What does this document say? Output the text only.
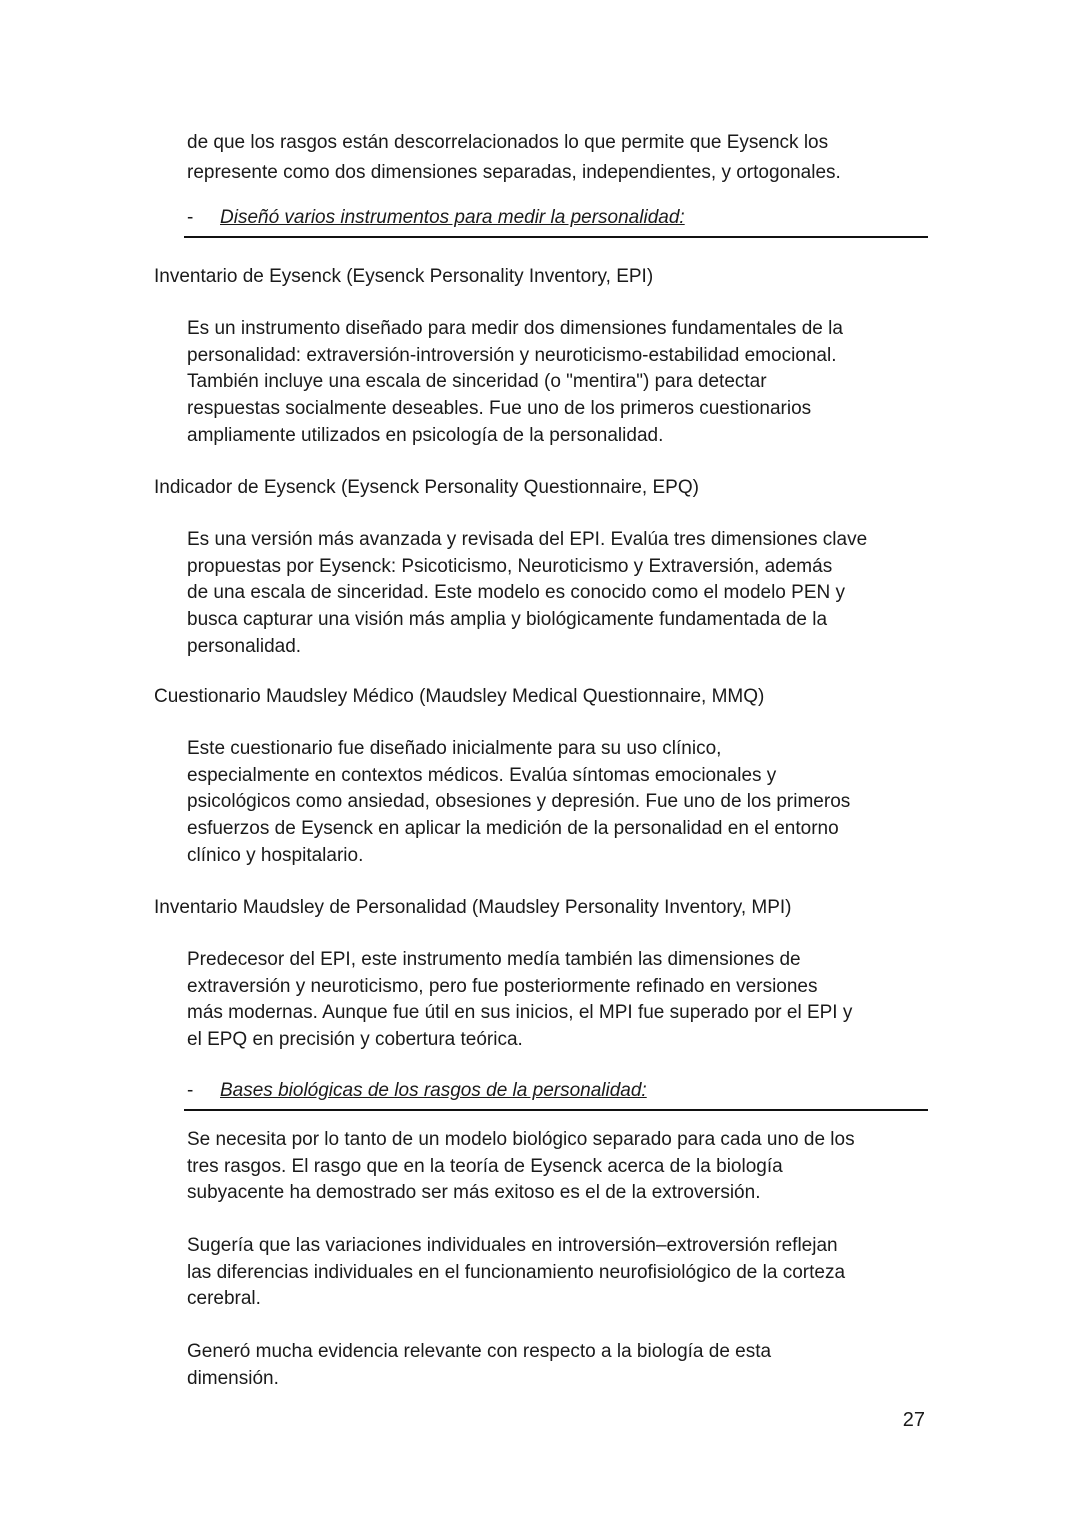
de que los rasgos están descorrelacionados lo que permite que Eysenck los
represente como dos dimensiones separadas, independientes, y ortogonales.
- Diseñó varios instrumentos para medir la personalidad:
Inventario de Eysenck (Eysenck Personality Inventory, EPI)
Es un instrumento diseñado para medir dos dimensiones fundamentales de la
personalidad: extraversión-introversión y neuroticismo-estabilidad emocional.
También incluye una escala de sinceridad (o "mentira") para detectar
respuestas socialmente deseables. Fue uno de los primeros cuestionarios
ampliamente utilizados en psicología de la personalidad.
Indicador de Eysenck (Eysenck Personality Questionnaire, EPQ)
Es una versión más avanzada y revisada del EPI. Evalúa tres dimensiones clave
propuestas por Eysenck: Psicoticismo, Neuroticismo y Extraversión, además
de una escala de sinceridad. Este modelo es conocido como el modelo PEN y
busca capturar una visión más amplia y biológicamente fundamentada de la
personalidad.
Cuestionario Maudsley Médico (Maudsley Medical Questionnaire, MMQ)
Este cuestionario fue diseñado inicialmente para su uso clínico,
especialmente en contextos médicos. Evalúa síntomas emocionales y
psicológicos como ansiedad, obsesiones y depresión. Fue uno de los primeros
esfuerzos de Eysenck en aplicar la medición de la personalidad en el entorno
clínico y hospitalario.
Inventario Maudsley de Personalidad (Maudsley Personality Inventory, MPI)
Predecesor del EPI, este instrumento medía también las dimensiones de
extraversión y neuroticismo, pero fue posteriormente refinado en versiones
más modernas. Aunque fue útil en sus inicios, el MPI fue superado por el EPI y
el EPQ en precisión y cobertura teórica.
- Bases biológicas de los rasgos de la personalidad:
Se necesita por lo tanto de un modelo biológico separado para cada uno de los
tres rasgos. El rasgo que en la teoría de Eysenck acerca de la biología
subyacente ha demostrado ser más exitoso es el de la extroversión.
Sugería que las variaciones individuales en introversión–extroversión reflejan
las diferencias individuales en el funcionamiento neurofisiológico de la corteza
cerebral.
Generó mucha evidencia relevante con respecto a la biología de esta
dimensión.
27
